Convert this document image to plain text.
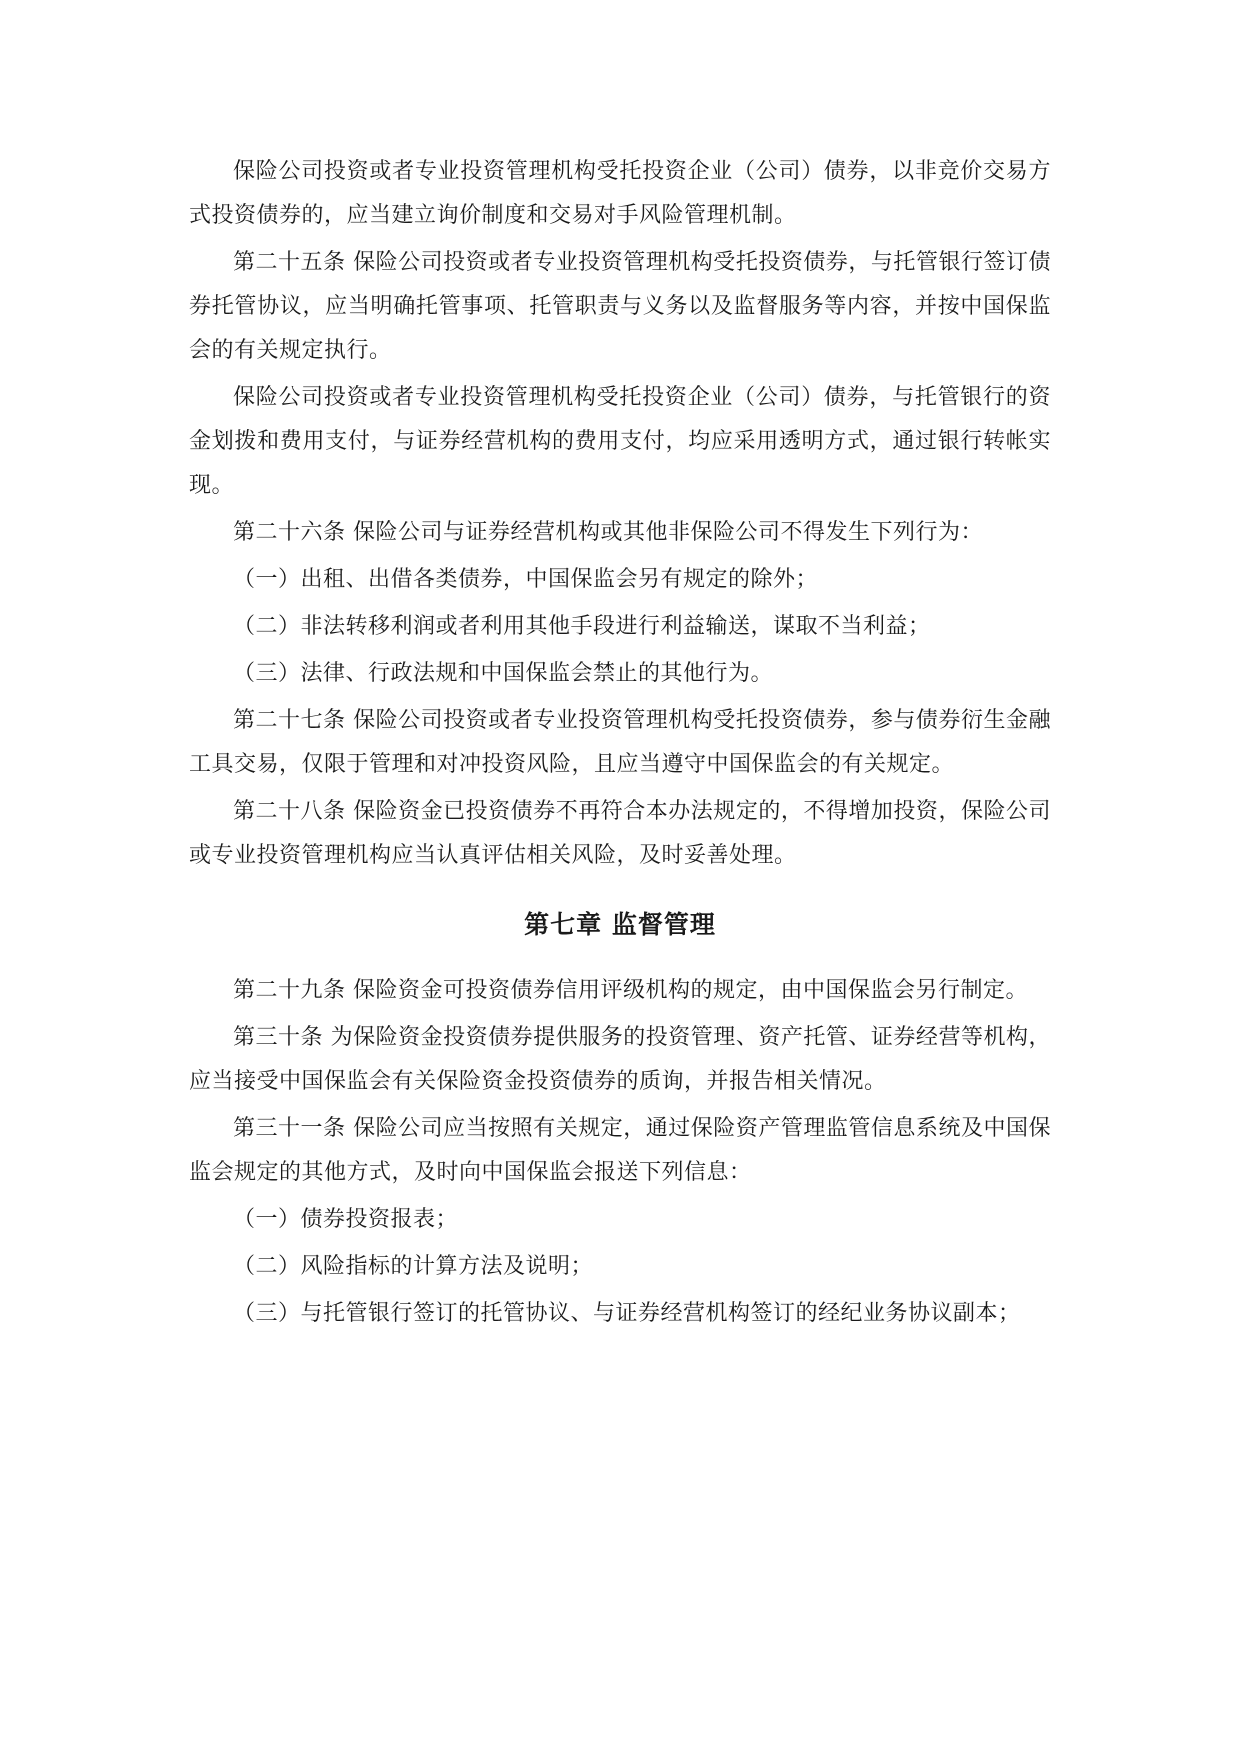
保险公司投资或者专业投资管理机构受托投资企业（公司）债券，以非竞价交易方式投资债券的，应当建立询价制度和交易对手风险管理机制。

第二十五条 保险公司投资或者专业投资管理机构受托投资债券，与托管银行签订债券托管协议，应当明确托管事项、托管职责与义务以及监督服务等内容，并按中国保监会的有关规定执行。

保险公司投资或者专业投资管理机构受托投资企业（公司）债券，与托管银行的资金划拨和费用支付，与证券经营机构的费用支付，均应采用透明方式，通过银行转帐实现。

第二十六条 保险公司与证券经营机构或其他非保险公司不得发生下列行为：

（一）出租、出借各类债券，中国保监会另有规定的除外；

（二）非法转移利润或者利用其他手段进行利益输送，谋取不当利益；

（三）法律、行政法规和中国保监会禁止的其他行为。

第二十七条 保险公司投资或者专业投资管理机构受托投资债券，参与债券衍生金融工具交易，仅限于管理和对冲投资风险，且应当遵守中国保监会的有关规定。

第二十八条 保险资金已投资债券不再符合本办法规定的，不得增加投资，保险公司或专业投资管理机构应当认真评估相关风险，及时妥善处理。

第七章 监督管理

第二十九条 保险资金可投资债券信用评级机构的规定，由中国保监会另行制定。

第三十条 为保险资金投资债券提供服务的投资管理、资产托管、证券经营等机构，应当接受中国保监会有关保险资金投资债券的质询，并报告相关情况。

第三十一条 保险公司应当按照有关规定，通过保险资产管理监管信息系统及中国保监会规定的其他方式，及时向中国保监会报送下列信息：

（一）债券投资报表；

（二）风险指标的计算方法及说明；

（三）与托管银行签订的托管协议、与证券经营机构签订的经纪业务协议副本；
